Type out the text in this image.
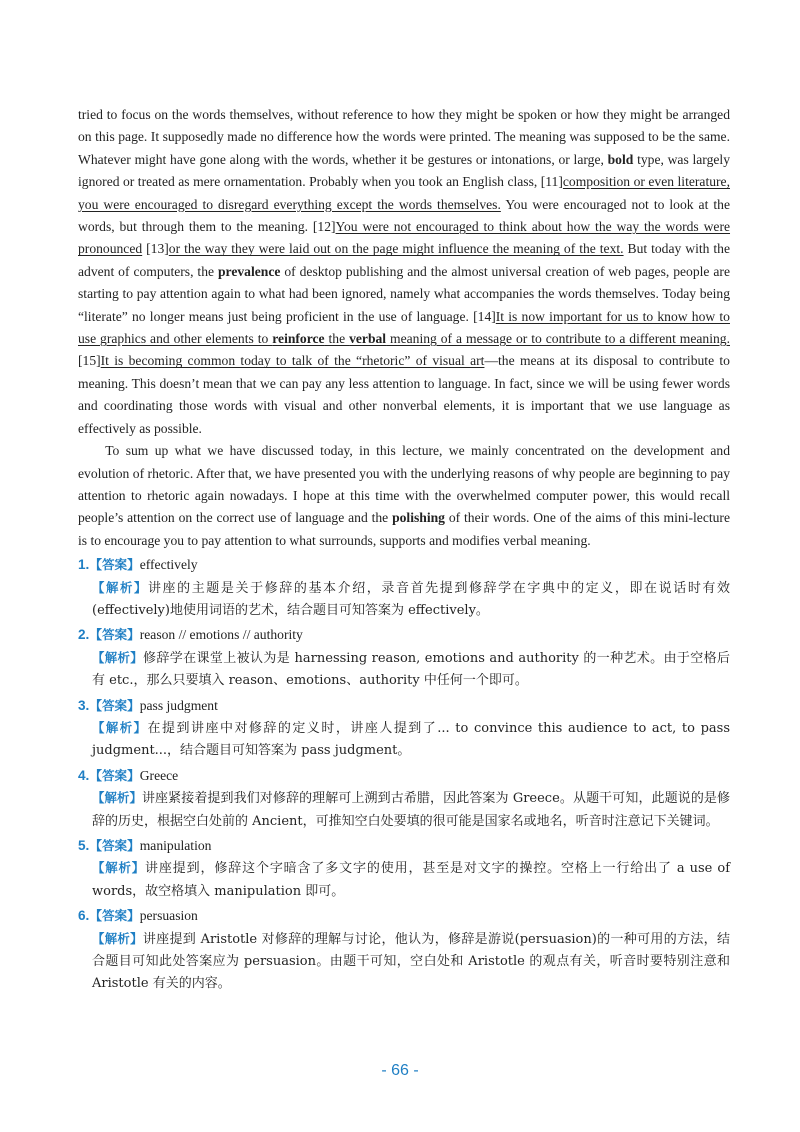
tried to focus on the words themselves, without reference to how they might be spoken or how they might be arranged on this page. It supposedly made no difference how the words were printed. The meaning was supposed to be the same. Whatever might have gone along with the words, whether it be gestures or intonations, or large, bold type, was largely ignored or treated as mere ornamentation. Probably when you took an English class, [11]composition or even literature, you were encouraged to disregard everything except the words themselves. You were encouraged not to look at the words, but through them to the meaning. [12]You were not encouraged to think about how the way the words were pronounced [13]or the way they were laid out on the page might influence the meaning of the text. But today with the advent of computers, the prevalence of desktop publishing and the almost universal creation of web pages, people are starting to pay attention again to what had been ignored, namely what accompanies the words themselves. Today being “literate” no longer means just being proficient in the use of language. [14]It is now important for us to know how to use graphics and other elements to reinforce the verbal meaning of a message or to contribute to a different meaning. [15]It is becoming common today to talk of the “rhetoric” of visual art—the means at its disposal to contribute to meaning. This doesn’t mean that we can pay any less attention to language. In fact, since we will be using fewer words and coordinating those words with visual and other nonverbal elements, it is important that we use language as effectively as possible.

To sum up what we have discussed today, in this lecture, we mainly concentrated on the development and evolution of rhetoric. After that, we have presented you with the underlying reasons of why people are beginning to pay attention to rhetoric again nowadays. I hope at this time with the overwhelmed computer power, this would recall people’s attention on the correct use of language and the polishing of their words. One of the aims of this mini-lecture is to encourage you to pay attention to what surrounds, supports and modifies verbal meaning.

1.【答案】effectively

【解析】讲座的主题是关于修辞的基本介绍，录音首先提到修辞学在字典中的定义，即在说话时有效(effectively)地使用词语的艺术，结合题目可知答案为 effectively。

2.【答案】reason // emotions // authority

【解析】修辞学在课堂上被认为是 harnessing reason, emotions and authority 的一种艺术。由于空格后有 etc.，那么只要填入 reason、emotions、authority 中任何一个即可。

3.【答案】pass judgment

【解析】在提到讲座中对修辞的定义时，讲座人提到了... to convince this audience to act, to pass judgment...，结合题目可知答案为 pass judgment。

4.【答案】Greece

【解析】讲座紧接着提到我们对修辞的理解可上溯到古希腊，因此答案为 Greece。从题干可知，此题说的是修辞的历史，根据空白处前的 Ancient，可推知空白处要填的很可能是国家名或地名，听音时注意记下关键词。

5.【答案】manipulation

【解析】讲座提到，修辞这个字暗含了多文字的使用，甚至是对文字的操控。空格上一行给出了 a use of words，故空格填入 manipulation 即可。

6.【答案】persuasion

【解析】讲座提到 Aristotle 对修辞的理解与讨论，他认为，修辞是游说(persuasion)的一种可用的方法，结合题目可知此处答案应为 persuasion。由题干可知，空白处和 Aristotle 的观点有关，听音时要特别注意和 Aristotle 有关的内容。

- 66 -
